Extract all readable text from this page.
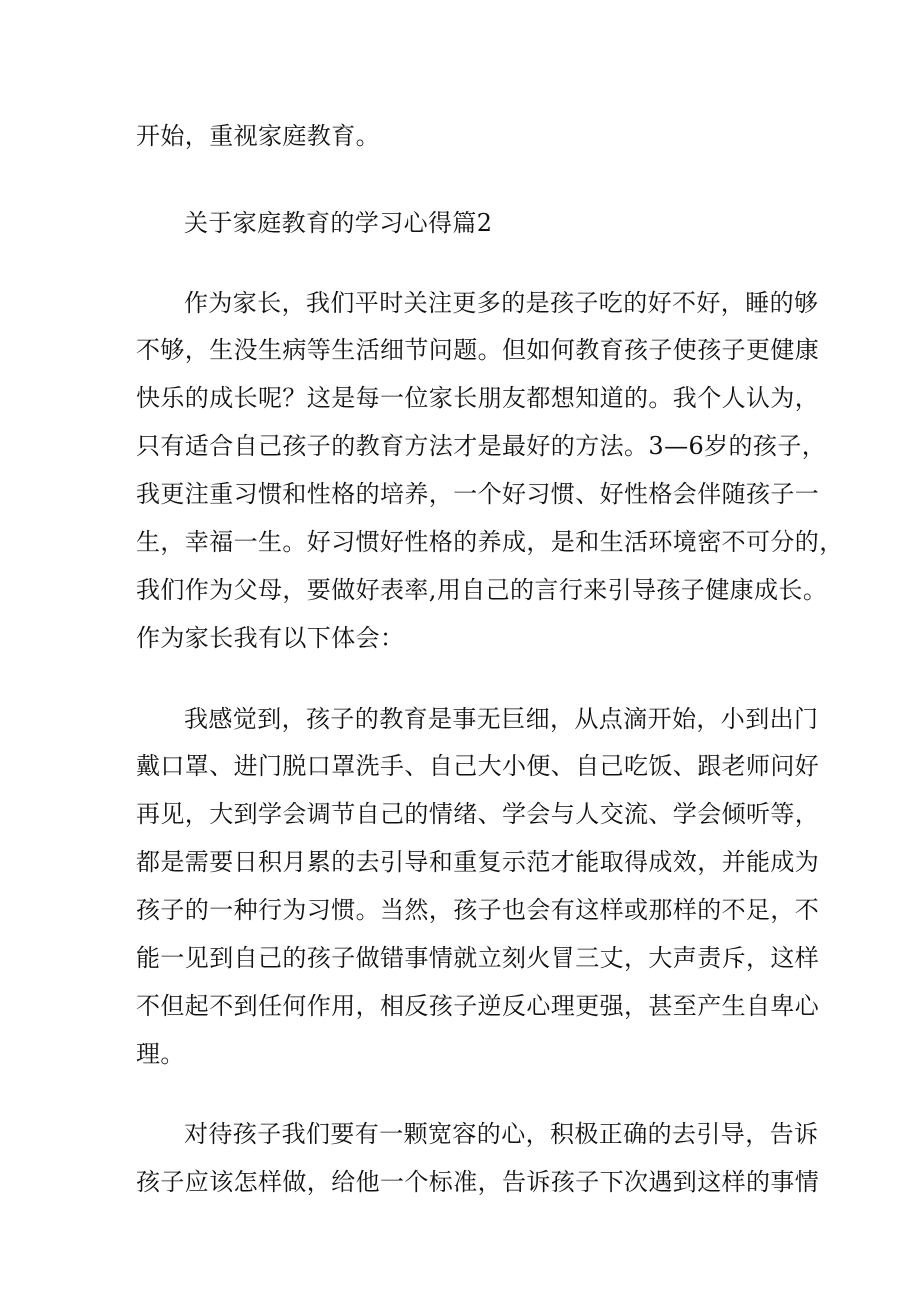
开始，重视家庭教育。
关于家庭教育的学习心得篇2
作为家长，我们平时关注更多的是孩子吃的好不好，睡的够
不够，生没生病等生活细节问题。但如何教育孩子使孩子更健康
快乐的成长呢？这是每一位家长朋友都想知道的。我个人认为，
只有适合自己孩子的教育方法才是最好的方法。3—6岁的孩子，
我更注重习惯和性格的培养，一个好习惯、好性格会伴随孩子一
生，幸福一生。好习惯好性格的养成，是和生活环境密不可分的，
我们作为父母，要做好表率,用自己的言行来引导孩子健康成长。
作为家长我有以下体会：
我感觉到，孩子的教育是事无巨细，从点滴开始，小到出门
戴口罩、进门脱口罩洗手、自己大小便、自己吃饭、跟老师问好
再见，大到学会调节自己的情绪、学会与人交流、学会倾听等，
都是需要日积月累的去引导和重复示范才能取得成效，并能成为
孩子的一种行为习惯。当然，孩子也会有这样或那样的不足，不
能一见到自己的孩子做错事情就立刻火冒三丈，大声责斥，这样
不但起不到任何作用，相反孩子逆反心理更强，甚至产生自卑心
理。
对待孩子我们要有一颗宽容的心，积极正确的去引导，告诉
孩子应该怎样做，给他一个标准，告诉孩子下次遇到这样的事情
